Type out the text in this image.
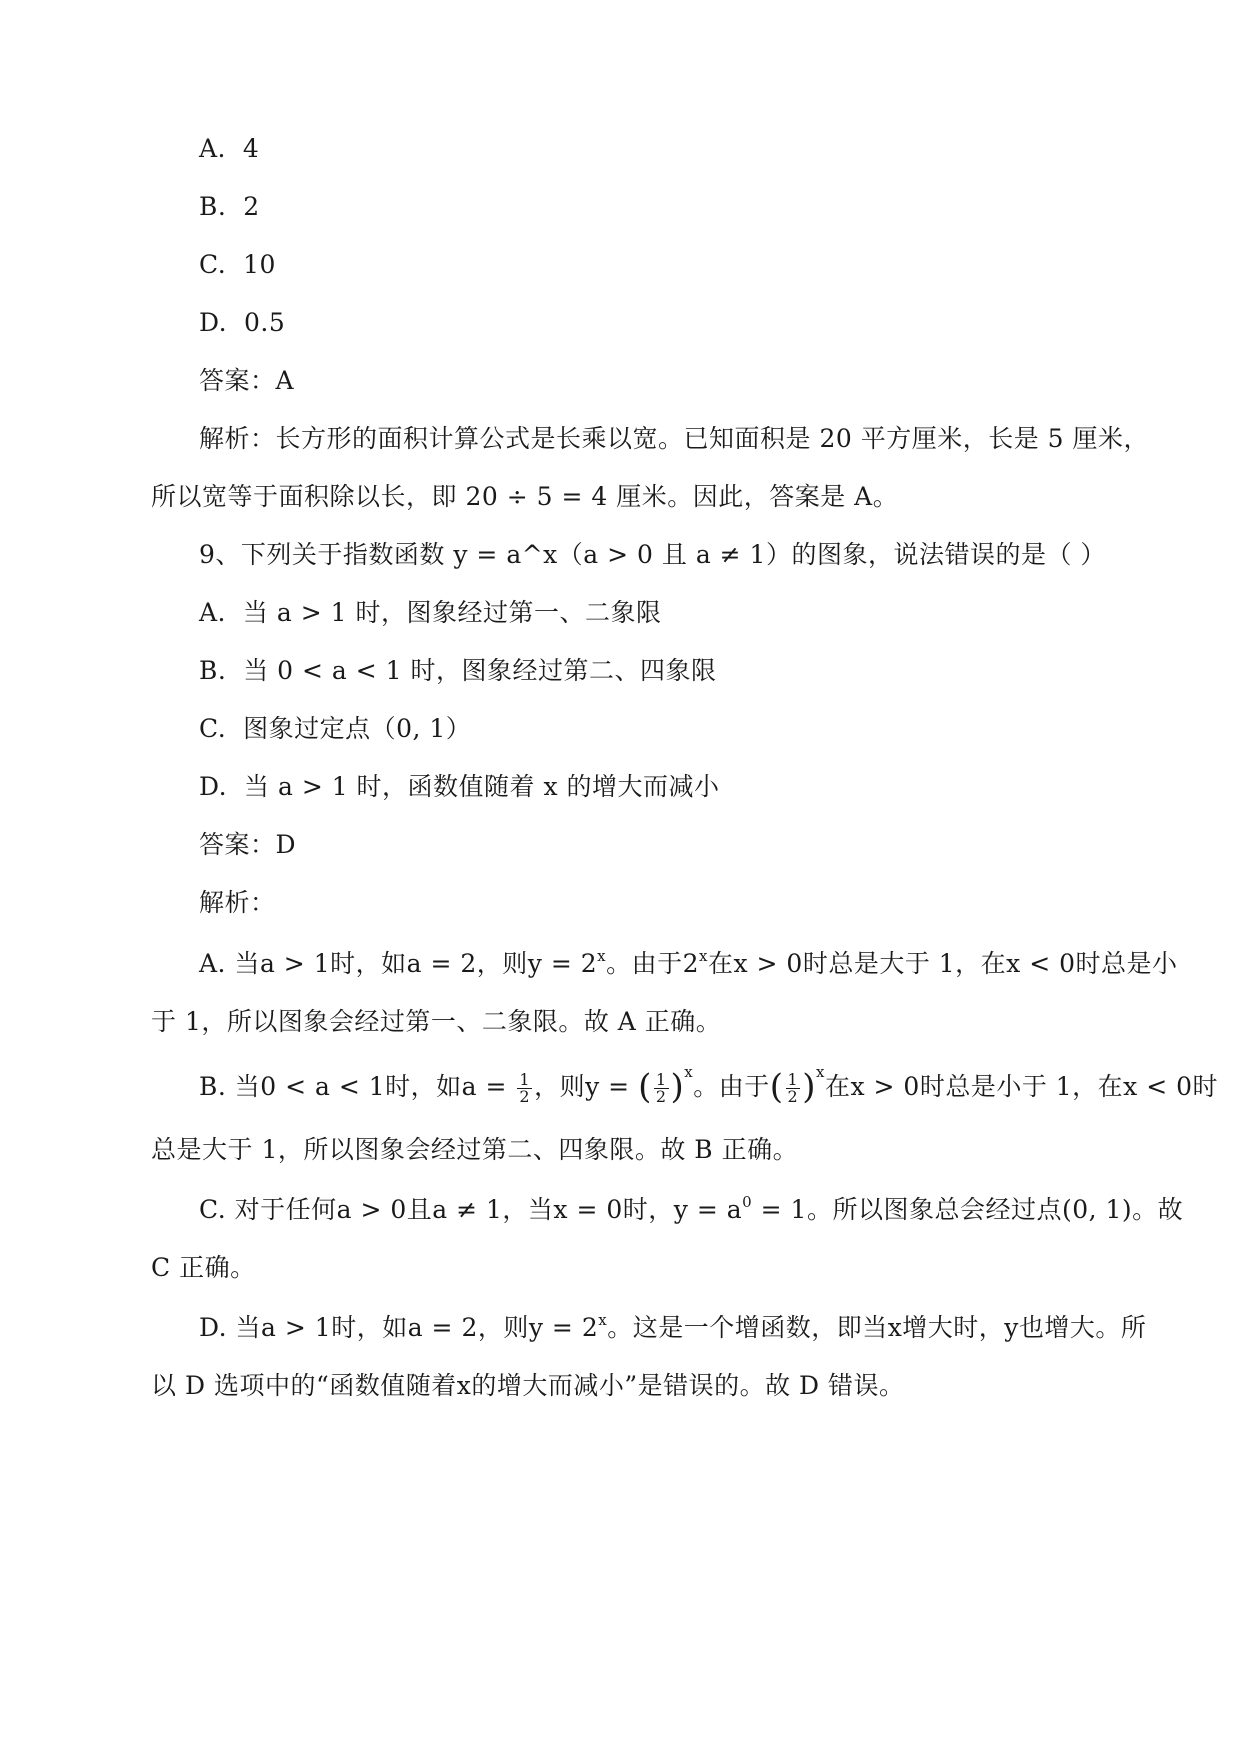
A. 4
B. 2
C. 10
D. 0.5
答案：A
解析：长方形的面积计算公式是长乘以宽。已知面积是 20 平方厘米，长是 5 厘米，
所以宽等于面积除以长，即 20 ÷ 5 = 4 厘米。因此，答案是 A。
9、下列关于指数函数 y = a^x（a > 0 且 a ≠ 1）的图象，说法错误的是（ ）
A. 当 a > 1 时，图象经过第一、二象限
B. 当 0 < a < 1 时，图象经过第二、四象限
C. 图象过定点（0, 1）
D. 当 a > 1 时，函数值随着 x 的增大而减小
答案：D
解析：
A. 当a > 1时，如a = 2，则$y = 2^x$。由于2$^x$在x > 0时总是大于 1，在x < 0时总是小
于 1，所以图象会经过第一、二象限。故 A 正确。
B. 当0 < a < 1时，如$a = \frac{1}{2}$ ，则y = ( $\frac{1}{2} )^x$。由于( $\frac{1}{2} )^x$在x > 0时总是小于 1，在x < 0时
总是大于 1，所以图象会经过第二、四象限。故 B 正确。
C. 对于任何a > 0且a ≠ 1，当x = 0时，$y = a^0 = 1$。所以图象总会经过点(0, 1)。故
C 正确。
D. 当a > 1时，如a = 2，则$y = 2^x$。这是一个增函数，即当x增大时，y也增大。所
以 D 选项中的“函数值随着x的增大而减小”是错误的。故 D 错误。
